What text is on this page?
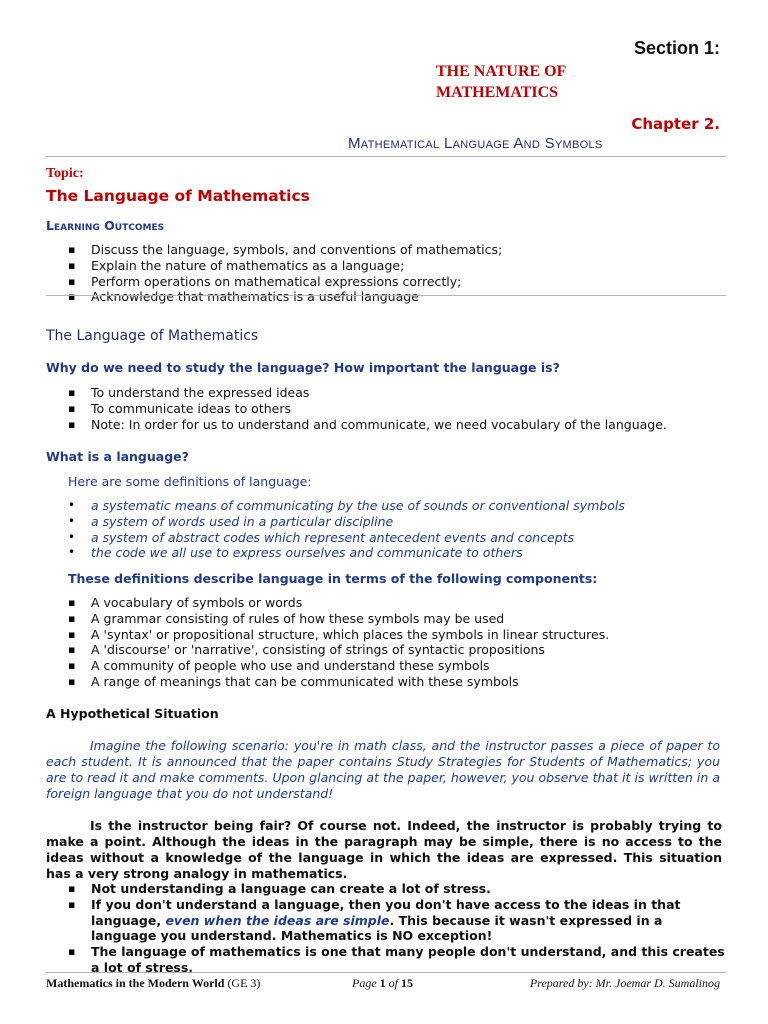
Section 1:
THE NATURE OF
MATHEMATICS
Chapter 2.
Mathematical Language And Symbols
Topic:
The Language of Mathematics
Learning Outcomes
▪ Discuss the language, symbols, and conventions of mathematics;
▪ Explain the nature of mathematics as a language;
▪ Perform operations on mathematical expressions correctly;
▪ Acknowledge that mathematics is a useful language
The Language of Mathematics
Why do we need to study the language? How important the language is?
▪ To understand the expressed ideas
▪ To communicate ideas to others
▪ Note: In order for us to understand and communicate, we need vocabulary of the language.
What is a language?
Here are some definitions of language:
• a systematic means of communicating by the use of sounds or conventional symbols
• a system of words used in a particular discipline
• a system of abstract codes which represent antecedent events and concepts
• the code we all use to express ourselves and communicate to others
These definitions describe language in terms of the following components:
▪ A vocabulary of symbols or words
▪ A grammar consisting of rules of how these symbols may be used
▪ A 'syntax' or propositional structure, which places the symbols in linear structures.
▪ A 'discourse' or 'narrative', consisting of strings of syntactic propositions
▪ A community of people who use and understand these symbols
▪ A range of meanings that can be communicated with these symbols
A Hypothetical Situation
Imagine the following scenario: you're in math class, and the instructor passes a piece of paper to each student. It is announced that the paper contains Study Strategies for Students of Mathematics; you are to read it and make comments. Upon glancing at the paper, however, you observe that it is written in a foreign language that you do not understand!
Is the instructor being fair? Of course not. Indeed, the instructor is probably trying to make a point. Although the ideas in the paragraph may be simple, there is no access to the ideas without a knowledge of the language in which the ideas are expressed. This situation has a very strong analogy in mathematics.
▪ Not understanding a language can create a lot of stress.
▪ If you don't understand a language, then you don't have access to the ideas in that language, even when the ideas are simple. This because it wasn't expressed in a language you understand. Mathematics is NO exception!
▪ The language of mathematics is one that many people don't understand, and this creates a lot of stress.
Mathematics in the Modern World (GE 3)	Page 1 of 15	Prepared by: Mr. Joemar D. Sumalinog
